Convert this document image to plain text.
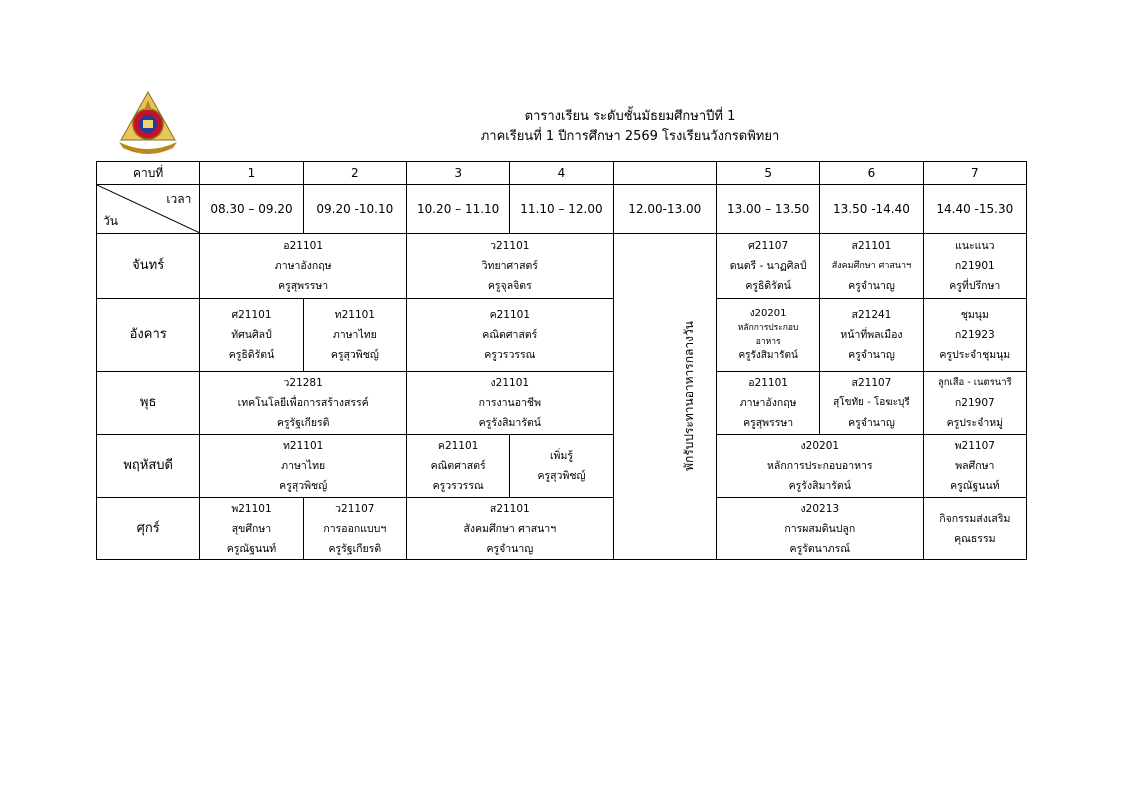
ตารางเรียน ระดับชั้นมัธยมศึกษาปีที่ 1
ภาคเรียนที่ 1 ปีการศึกษา 2569 โรงเรียนวังกรดพิทยา
คาบที่	1	2	3	4		5	6	7

เวลา
วัน	08.30 – 09.20	09.20 -10.10	10.20 – 11.10	11.10 – 12.00	12.00-13.00	13.00 – 13.50	13.50 -14.40	14.40 -15.30
จันทร์	อ21101
ภาษาอังกฤษ
ครูสุพรรษา		ว21101
วิทยาศาสตร์
ครูจุลจิตร		พักรับประทานอาหารกลางวัน	ศ21107
ดนตรี - นาฏศิลป์
ครูธิดิรัตน์	ส21101
สังคมศึกษา ศาสนาฯ
ครูจำนาญ	แนะแนว
ก21901
ครูที่ปรึกษา

อังคาร	ศ21101
ทัศนศิลป์
ครูธิดิรัตน์	ท21101
ภาษาไทย
ครูสุวพิชญ์	ค21101
คณิตศาสตร์
ครูวรวรรณ			ง20201
หลักการประกอบ
อาหาร
ครูรังสิมารัตน์	ส21241
หน้าที่พลเมือง
ครูจำนาญ	ชุมนุม
ก21923
ครูประจำชุมนุม

พุธ	ว21281
เทคโนโลยีเพื่อการสร้างสรรค์
ครูรัฐเกียรติ		ง21101
การงานอาชีพ
ครูรังสิมารัตน์			อ21101
ภาษาอังกฤษ
ครูสุพรรษา	ส21107
สุโขทัย - โอฆะบุรี
ครูจำนาญ	ลูกเสือ - เนตรนารี
ก21907
ครูประจำหมู่

พฤหัสบดี	ท21101
ภาษาไทย
ครูสุวพิชญ์		ค21101
คณิตศาสตร์
ครูวรวรรณ	เพิ่มรู้
ครูสุวพิชญ์		ง20201
หลักการประกอบอาหาร
ครูรังสิมารัตน์		พ21107
พลศึกษา
ครูณัฐนนท์

ศุกร์	พ21101
สุขศึกษา
ครูณัฐนนท์	ว21107
การออกแบบฯ
ครูรัฐเกียรติ	ส21101
สังคมศึกษา ศาสนาฯ
ครูจำนาญ			ง20213
การผสมดินปลูก
ครูรัตนาภรณ์		กิจกรรมส่งเสริม
คุณธรรม
